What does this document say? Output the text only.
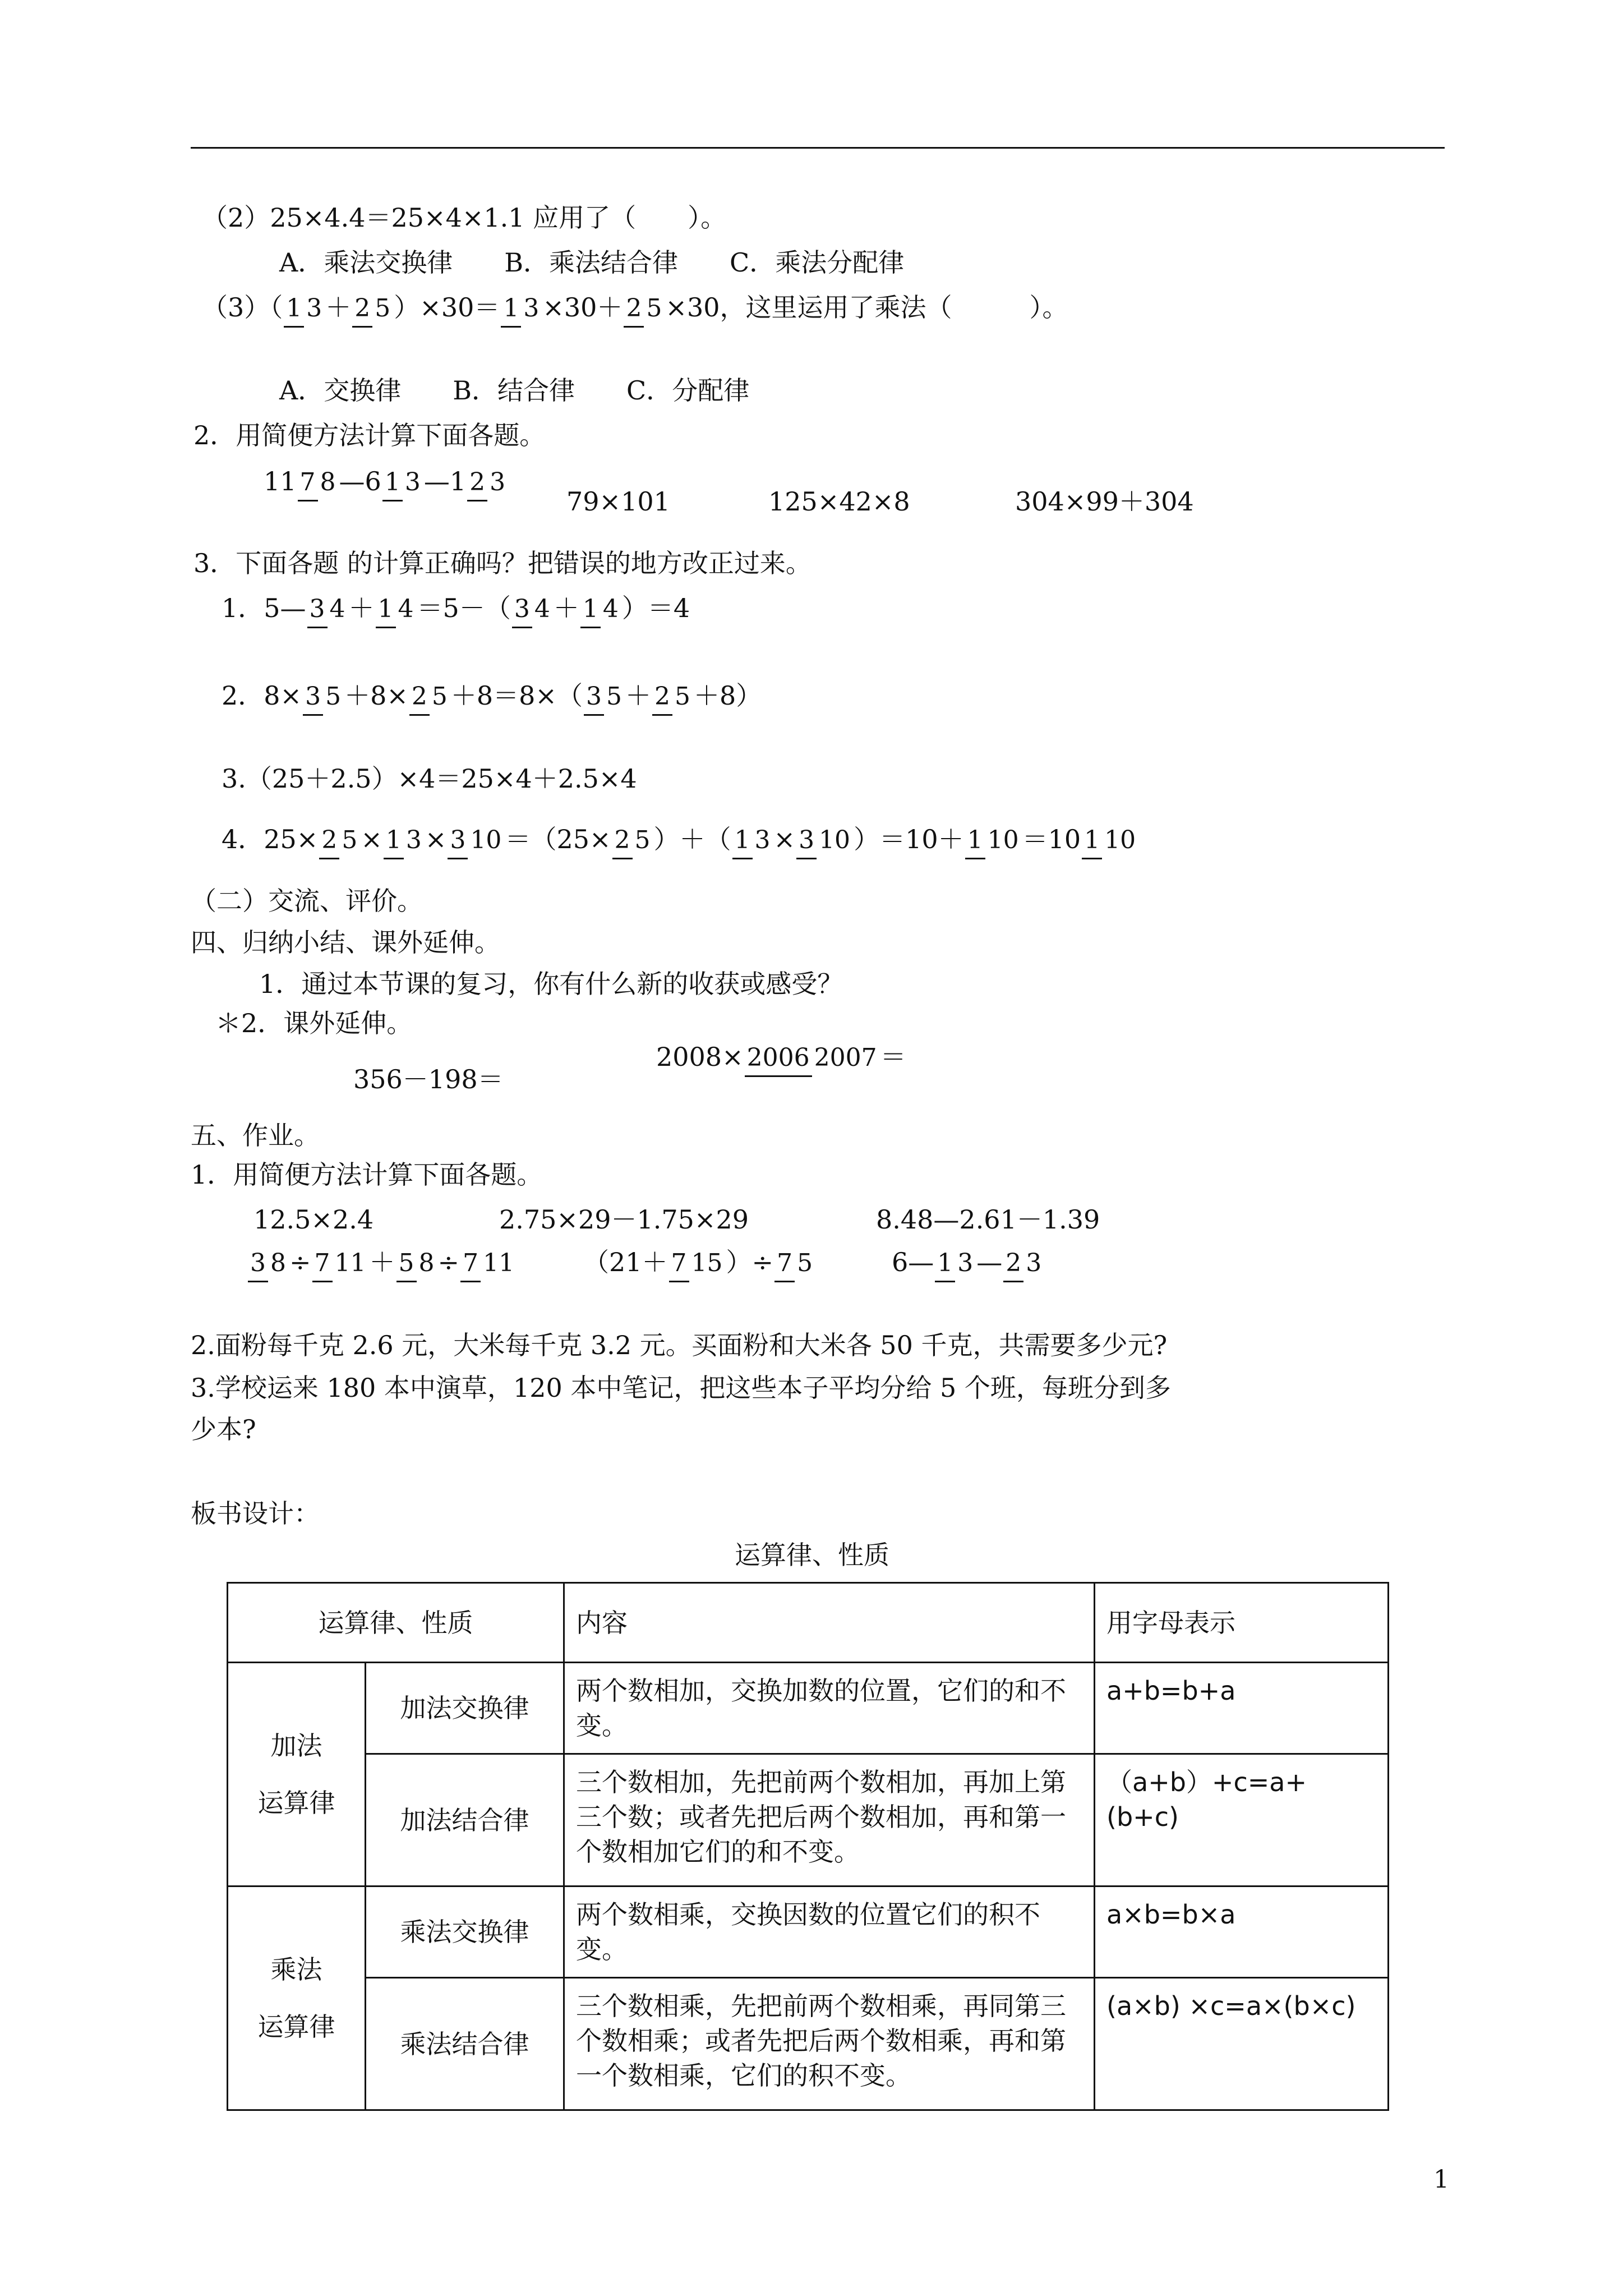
（2）25×4.4＝25×4×1.1 应用了（　　）。
A．乘法交换律　　B．乘法结合律　　C．乘法分配律
（3）（ 1 3 ＋ 2 5 ）×30＝ 1 3 ×30＋ 2 5 ×30，这里运用了乘法（　　　）。
A．交换律　　B．结合律　　C．分配律
2．用简便方法计算下面各题。
11 7 8 —6 1 3 —1 2 3
79×101	125×42×8	304×99＋304
3．下面各题 的计算正确吗？把错误的地方改正过来。
1．5— 3 4 ＋ 1 4 ＝5－（ 3 4 ＋ 1 4 ）＝4
2．8× 3 5 ＋8× 2 5 ＋8＝8×（ 3 5 ＋ 2 5 ＋8）
3.（25＋2.5）×4＝25×4＋2.5×4
4．25× 2 5 × 1 3 × 3 10 ＝（25× 2 5 ）＋（ 1 3 × 3 10 ）＝10＋ 1 10 ＝10 1 10
（二）交流、评价。
四、归纳小结、课外延伸。
1．通过本节课的复习，你有什么新的收获或感受？
＊2．课外延伸。
356－198＝
2008× 2006 2007 ＝
五、作业。
1．用简便方法计算下面各题。
12.5×2.4	2.75×29－1.75×29	8.48—2.61－1.39
3 8 ÷ 7 11 ＋ 5 8 ÷ 7 11	（21＋ 7 15 ）÷ 7 5	6— 1 3 — 2 3
2.面粉每千克 2.6 元，大米每千克 3.2 元。买面粉和大米各 50 千克，共需要多少元?
3.学校运来 180 本中演草，120 本中笔记，把这些本子平均分给 5 个班，每班分到多
少本?
板书设计：
运算律、性质
运算律、性质		内容	用字母表示

加法
运算律	加法交换律	两个数相加，交换加数的位置，它们的和不变。	a+b=b+a
	加法结合律	三个数相加，先把前两个数相加，再加上第三个数；或者先把后两个数相加，再和第一个数相加它们的和不变。	（a+b）+c=a+(b+c)

乘法
运算律	乘法交换律	两个数相乘，交换因数的位置它们的积不变。	a×b=b×a
	乘法结合律	三个数相乘，先把前两个数相乘，再同第三个数相乘；或者先把后两个数相乘，再和第一个数相乘，它们的积不变。	(a×b) ×c=a×(b×c)
1
